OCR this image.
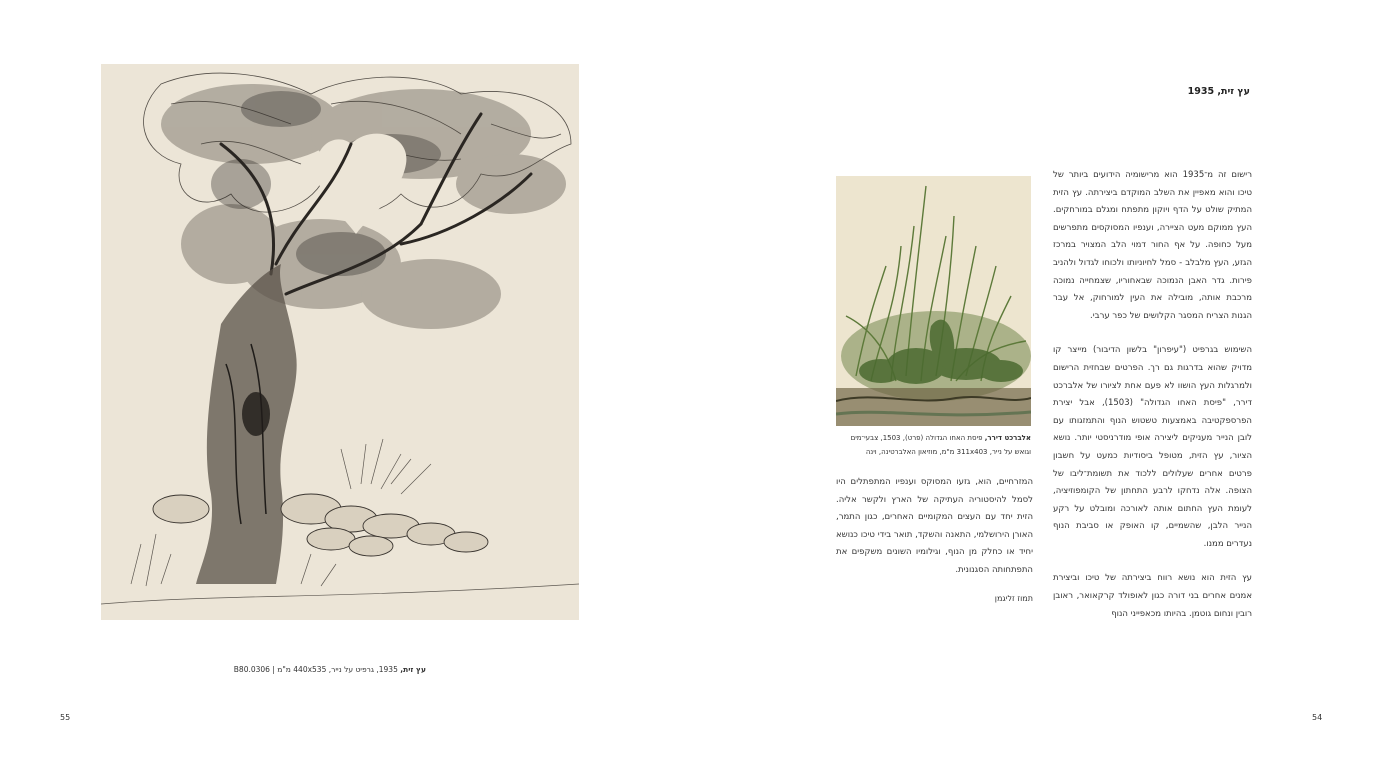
עץ זית, 1935, גרפיט על נייר, 440x535 מ"מ | B80.0306
55
עץ זית, 1935

רישום זה מ־1935 הוא מרישומיה הידועים ביותר של טיכו והוא מאפיין את השלב המוקדם ביצירתה. עץ הזית המתיק שולט על הדף ויוקון מתפתח ומגלם במורחקים. העץ ממוקם מעט הציירה, וענפיו המסוקסים מתפרשים מעל כחופה. על אף החור דמוי הלב המצויר במרכז הגזע, העץ מלבלב - סמל לחיוניותו ולכוחו לגדול ולהניב פירות. גדר האבן הנמוכה שבאחוריו, שצמחייה נמוכה מרכבת אותה, מובילה את העין למורחוק, אל עבר הגנות הצריח המסגר הקלושים של כפר ערבי.

השימוש בגרפיט ("עיפרון" בלשון הדיבור) מייצר קו מדויק שהוא בדרגות גם רך. הפרטים שבחזית הרישום ולמרגלות העץ הושוו לא פעם אחת לציורו של אלברכט דירר, "פיסת האחו הגדולה" (1503), אבל יצירת הפרספקטיבה באמצעות טשטוש הנוף והתמזגותו עם לובן הנייר מעניקים ליצירה אופי מודרניסטי יותר. נושא הציור, עץ הזית, מטופל ביסודיות כמעט על חשבון פרטים אחרים שעלולים ללכוד את תשומת־ליבו של הצופה. אלה נדחקו לרבע התחתון של הקומפוזיציה, לעומת העץ החתום אותה לאורכה ומובלט על רקע הנייר הלבן, שהשמיים, קו האופק או סביבת הנוף נעדרים ממנו.

עץ הזית הוא נושא רווח ביצירתה של טיכו וביצירת אמנים אחרים בני דורה כגון לאופולד קרקאואר, ראובן רובין ונחום גוטמן. בהיותו מכאפייני הנוף

אלברכט דירר, פיסת האחו הגדולה (פרט), 1503, צבעי־מים וגואש על נייר, 311x403 מ"מ, מוזיאון האלברטינה, וינה

המזרחיים, הוא, גזעו המסוקס וענפיו המתפתלים היו לסמל להיסטוריה העתיקה של הארץ ולקשר אליה. הזית יחד עם העצים המקומיים האחרים, כגון התמר, האורן הירושלמי, התאנה והשקד, תואר בידי טיכו כנושא יחיד או כחלק מן הנוף, וגילומיו השונים משקפים את התפתחותה הסגנונית.

תמוז זליגמן
54
